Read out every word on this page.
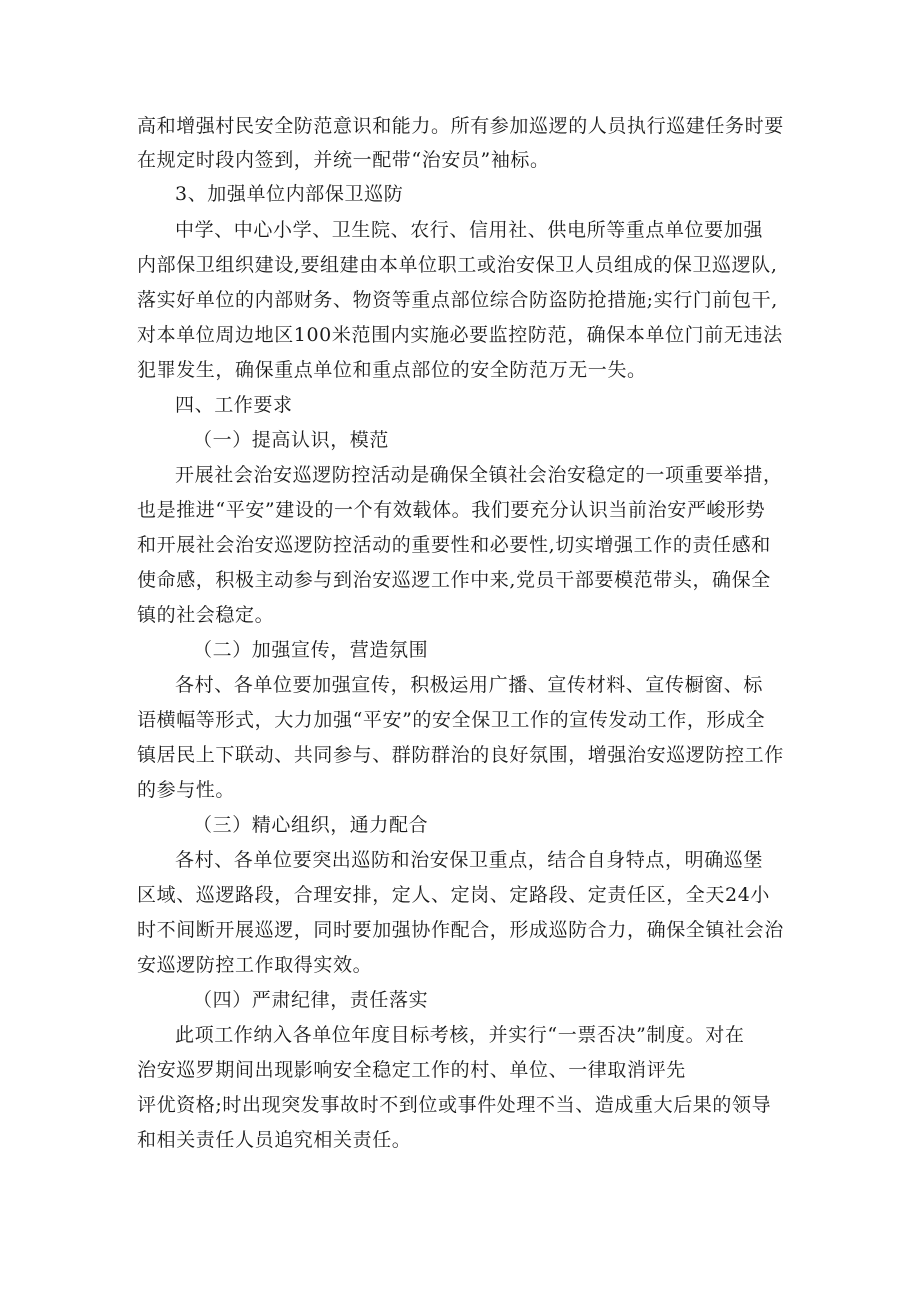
高和增强村民安全防范意识和能力。所有参加巡逻的人员执行巡建任务时要
在规定时段内签到，并统一配带“治安员”袖标。
3、加强单位内部保卫巡防
中学、中心小学、卫生院、农行、信用社、供电所等重点单位要加强
内部保卫组织建设,要组建由本单位职工或治安保卫人员组成的保卫巡逻队,
落实好单位的内部财务、物资等重点部位综合防盗防抢措施;实行门前包干,
对本单位周边地区100米范围内实施必要监控防范，确保本单位门前无违法
犯罪发生，确保重点单位和重点部位的安全防范万无一失。
四、工作要求
（一）提高认识，模范
开展社会治安巡逻防控活动是确保全镇社会治安稳定的一项重要举措，
也是推进“平安”建设的一个有效载体。我们要充分认识当前治安严峻形势
和开展社会治安巡逻防控活动的重要性和必要性,切实增强工作的责任感和
使命感，积极主动参与到治安巡逻工作中来,党员干部要模范带头，确保全
镇的社会稳定。
（二）加强宣传，营造氛围
各村、各单位要加强宣传，积极运用广播、宣传材料、宣传橱窗、标
语横幅等形式，大力加强“平安”的安全保卫工作的宣传发动工作，形成全
镇居民上下联动、共同参与、群防群治的良好氛围，增强治安巡逻防控工作
的参与性。
（三）精心组织，通力配合
各村、各单位要突出巡防和治安保卫重点，结合自身特点，明确巡堡
区域、巡逻路段，合理安排，定人、定岗、定路段、定责任区，全天24小
时不间断开展巡逻，同时要加强协作配合，形成巡防合力，确保全镇社会治
安巡逻防控工作取得实效。
（四）严肃纪律，责任落实
此项工作纳入各单位年度目标考核，并实行“一票否决”制度。对在
治安巡罗期间出现影响安全稳定工作的村、单位、一律取消评先
评优资格;时出现突发事故时不到位或事件处理不当、造成重大后果的领导
和相关责任人员追究相关责任。
